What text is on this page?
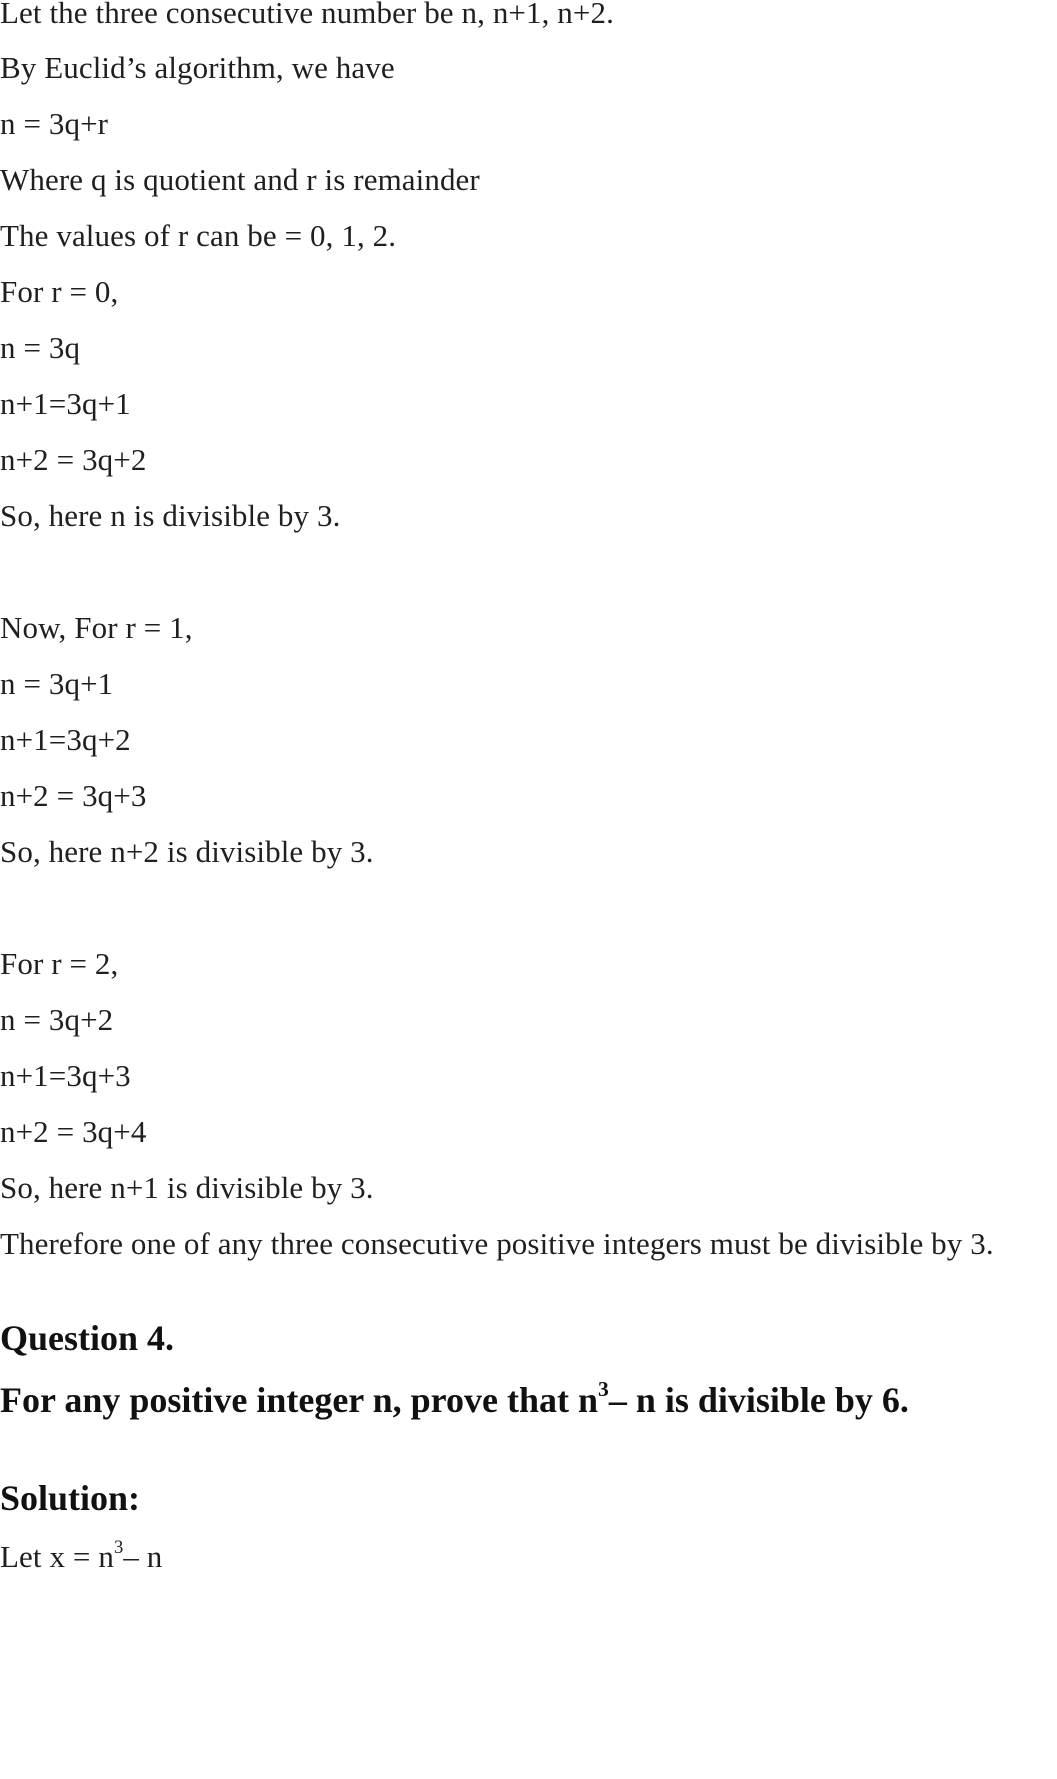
Let the three consecutive number be n, n+1, n+2.

By Euclid’s algorithm, we have

n = 3q+r

Where q is quotient and r is remainder

The values of r can be = 0, 1, 2.

For r = 0,

n = 3q

n+1=3q+1

n+2 = 3q+2

So, here n is divisible by 3.

Now, For r = 1,

n = 3q+1

n+1=3q+2

n+2 = 3q+3

So, here n+2 is divisible by 3.

For r = 2,

n = 3q+2

n+1=3q+3

n+2 = 3q+4

So, here n+1 is divisible by 3.

Therefore one of any three consecutive positive integers must be divisible by 3.

Question 4.
For any positive integer n, prove that $n^3-$ n is divisible by 6.
Solution:

Let $x = n^3-$ n
